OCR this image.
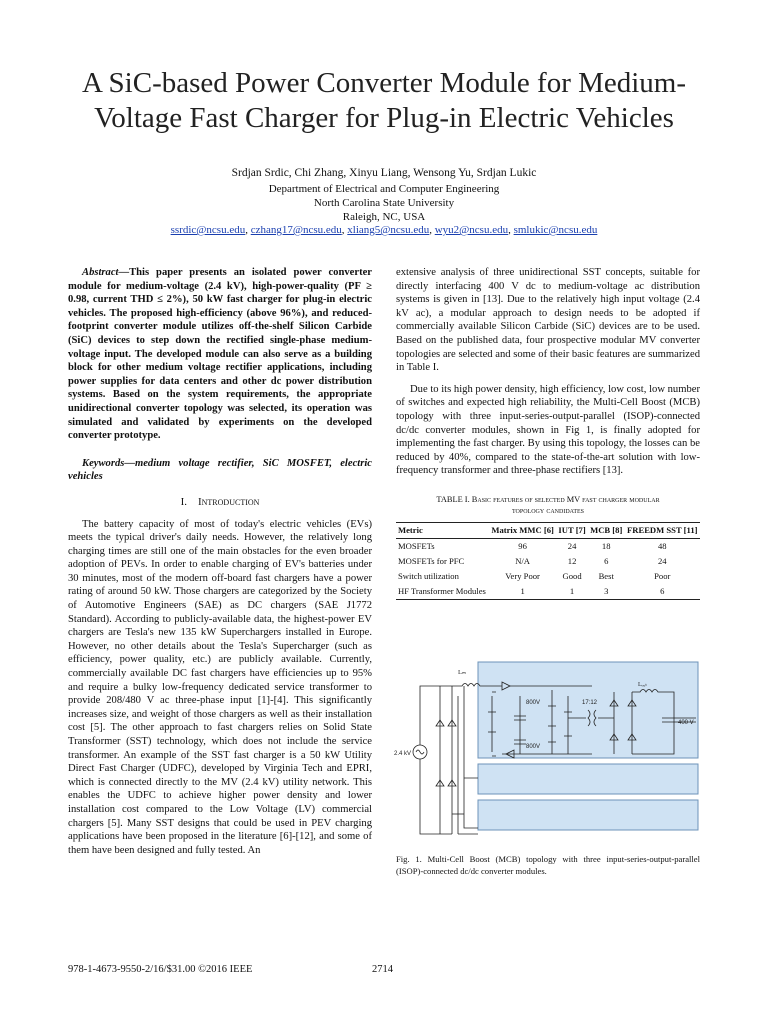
A SiC-based Power Converter Module for Medium-
Voltage Fast Charger for Plug-in Electric Vehicles
Srdjan Srdic, Chi Zhang, Xinyu Liang, Wensong Yu, Srdjan Lukic
Department of Electrical and Computer Engineering
North Carolina State University
Raleigh, NC, USA
ssrdic@ncsu.edu, czhang17@ncsu.edu, xliang5@ncsu.edu, wyu2@ncsu.edu, smlukic@ncsu.edu

Abstract—This paper presents an isolated power converter module for medium-voltage (2.4 kV), high-power-quality (PF ≥ 0.98, current THD ≤ 2%), 50 kW fast charger for plug-in electric vehicles. The proposed high-efficiency (above 96%), and reduced-footprint converter module utilizes off-the-shelf Silicon Carbide (SiC) devices to step down the rectified single-phase medium-voltage input. The developed module can also serve as a building block for other medium voltage rectifier applications, including power supplies for data centers and other dc power distribution systems. Based on the system requirements, the appropriate unidirectional converter topology was selected, its operation was simulated and validated by experiments on the developed converter prototype.

Keywords—medium voltage rectifier, SiC MOSFET, electric vehicles

I. Introduction

The battery capacity of most of today's electric vehicles (EVs) meets the typical driver's daily needs. However, the relatively long charging times are still one of the main obstacles for the even broader adoption of PEVs. In order to enable charging of EV's batteries under 30 minutes, most of the modern off-board fast chargers have a power rating of around 50 kW. Those chargers are categorized by the Society of Automotive Engineers (SAE) as DC chargers (SAE J1772 Standard). According to publicly-available data, the highest-power EV chargers are Tesla's new 135 kW Superchargers installed in Europe. However, no other details about the Tesla's Supercharger (such as efficiency, power quality, etc.) are publicly available. Currently, commercially available DC fast chargers have efficiencies up to 95% and require a bulky low-frequency dedicated service transformer to provide 208/480 V ac three-phase input [1]-[4]. This significantly increases size, and weight of those chargers as well as their installation cost [5]. The other approach to fast chargers relies on Solid State Transformer (SST) technology, which does not include the service transformer. An example of the SST fast charger is a 50 kW Utility Direct Fast Charger (UDFC), developed by Virginia Tech and EPRI, which is connected directly to the MV (2.4 kV) utility network. This enables the UDFC to achieve higher power density and lower installation cost compared to the Low Voltage (LV) commercial chargers [5]. Many SST designs that could be used in PEV charging applications have been proposed in the literature [6]-[12], and some of them have been designed and fully tested. An

extensive analysis of three unidirectional SST concepts, suitable for directly interfacing 400 V dc to medium-voltage ac distribution systems is given in [13]. Due to the relatively high input voltage (2.4 kV ac), a modular approach to design needs to be adopted if commercially available Silicon Carbide (SiC) devices are to be used. Based on the published data, four prospective modular MV converter topologies are selected and some of their basic features are summarized in Table I.

Due to its high power density, high efficiency, low cost, low number of switches and expected high reliability, the Multi-Cell Boost (MCB) topology with three input-series-output-parallel (ISOP)-connected dc/dc converter modules, shown in Fig 1, is finally adopted for implementing the fast charger. By using this topology, the losses can be reduced by 40%, compared to the state-of-the-art solution with low-frequency transformer and three-phase rectifiers [13].

TABLE I. Basic features of selected MV fast charger modular
topology candidates
Metric	Matrix MMC [6]	IUT [7]	MCB [8]	FREEDM SST [11]
MOSFETs	96	24	18	48
MOSFETs for PFC	N/A	12	6	24
Switch utilization	Very Poor	Good	Best	Poor
HF Transformer Modules	1	1	3	6
Lₘ
800V
800V
17:12
Lₒᵤₜ
400 V
2.4 kV
Fig. 1. Multi-Cell Boost (MCB) topology with three input-series-output-parallel (ISOP)-connected dc/dc converter modules.
978-1-4673-9550-2/16/$31.00 ©2016 IEEE	2714
